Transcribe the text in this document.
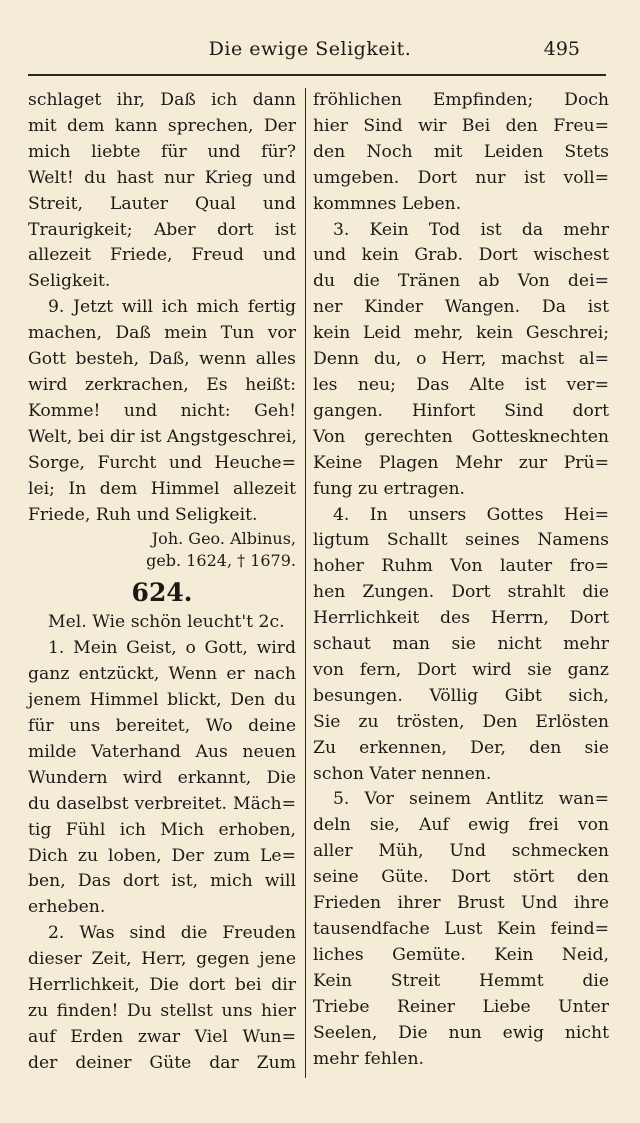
Die ewige Seligkeit.	495
schlaget ihr, Daß ich dann
mit dem kann sprechen, Der
mich liebte für und für?
Welt! du hast nur Krieg und
Streit, Lauter Qual und
Traurigkeit; Aber dort ist
allezeit Friede, Freud und
Seligkeit.
9. Jetzt will ich mich fertig
machen, Daß mein Tun vor
Gott besteh, Daß, wenn alles
wird zerkrachen, Es heißt:
Komme! und nicht: Geh!
Welt, bei dir ist Angstgeschrei,
Sorge, Furcht und Heuche=
lei; In dem Himmel allezeit
Friede, Ruh und Seligkeit.
Joh. Geo. Albinus,
geb. 1624, † 1679.
624.
Mel. Wie schön leucht't 2c.
1. Mein Geist, o Gott, wird
ganz entzückt, Wenn er nach
jenem Himmel blickt, Den du
für uns bereitet, Wo deine
milde Vaterhand Aus neuen
Wundern wird erkannt, Die
du daselbst verbreitet. Mäch=
tig Fühl ich Mich erhoben,
Dich zu loben, Der zum Le=
ben, Das dort ist, mich will
erheben.
2. Was sind die Freuden
dieser Zeit, Herr, gegen jene
Herrlichkeit, Die dort bei dir
zu finden! Du stellst uns hier
auf Erden zwar Viel Wun=
der deiner Güte dar Zum
fröhlichen Empfinden; Doch
hier Sind wir Bei den Freu=
den Noch mit Leiden Stets
umgeben. Dort nur ist voll=
kommnes Leben.
3. Kein Tod ist da mehr
und kein Grab. Dort wischest
du die Tränen ab Von dei=
ner Kinder Wangen. Da ist
kein Leid mehr, kein Geschrei;
Denn du, o Herr, machst al=
les neu; Das Alte ist ver=
gangen. Hinfort Sind dort
Von gerechten Gottesknechten
Keine Plagen Mehr zur Prü=
fung zu ertragen.
4. In unsers Gottes Hei=
ligtum Schallt seines Namens
hoher Ruhm Von lauter fro=
hen Zungen. Dort strahlt die
Herrlichkeit des Herrn, Dort
schaut man sie nicht mehr
von fern, Dort wird sie ganz
besungen. Völlig Gibt sich,
Sie zu trösten, Den Erlösten
Zu erkennen, Der, den sie
schon Vater nennen.
5. Vor seinem Antlitz wan=
deln sie, Auf ewig frei von
aller Müh, Und schmecken
seine Güte. Dort stört den
Frieden ihrer Brust Und ihre
tausendfache Lust Kein feind=
liches Gemüte. Kein Neid,
Kein Streit Hemmt die
Triebe Reiner Liebe Unter
Seelen, Die nun ewig nicht
mehr fehlen.
